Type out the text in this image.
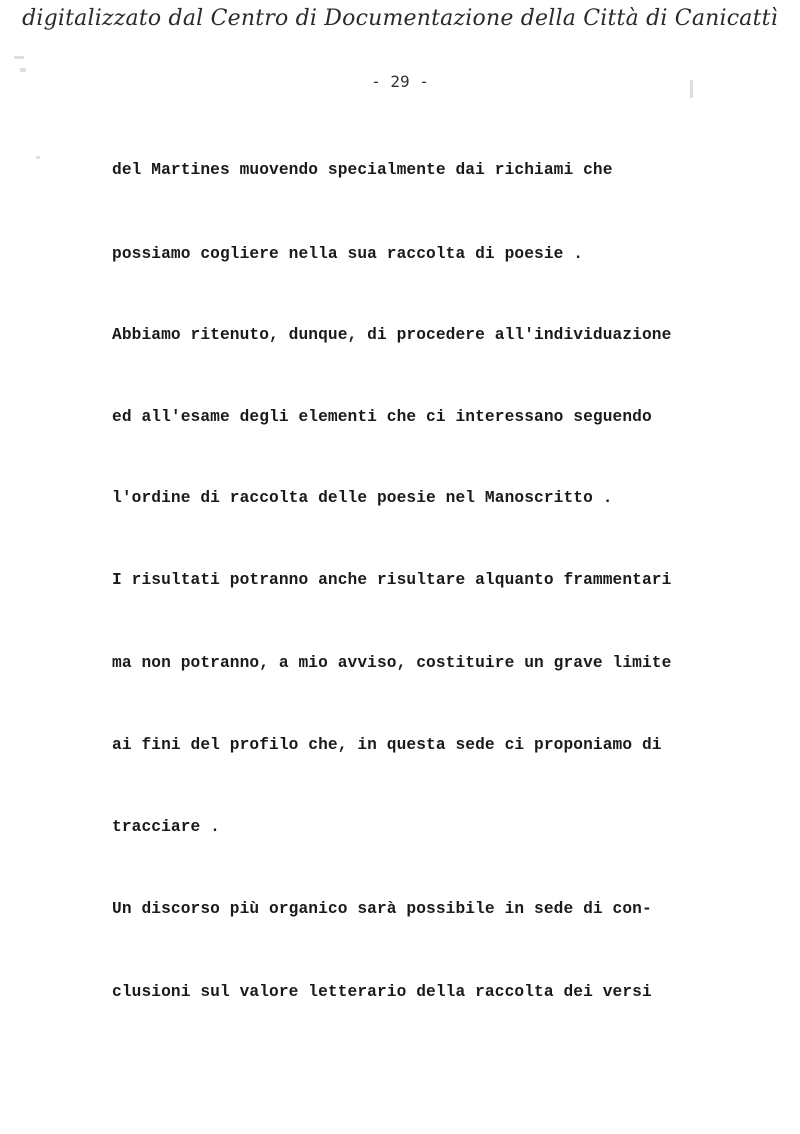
digitalizzato dal Centro di Documentazione della Città di Canicattì
- 29 -
del Martines muovendo specialmente dai richiami che
possiamo cogliere nella sua raccolta di poesie .
Abbiamo ritenuto, dunque, di procedere all'individuazione
ed all'esame degli elementi che ci interessano seguendo
l'ordine di raccolta delle poesie nel Manoscritto .
I risultati potranno anche risultare alquanto frammentari
ma non potranno, a mio avviso, costituire un grave limite
ai fini del profilo che, in questa sede ci proponiamo di
tracciare .
Un discorso più organico sarà possibile in sede di con-
clusioni sul valore letterario della raccolta dei versi
